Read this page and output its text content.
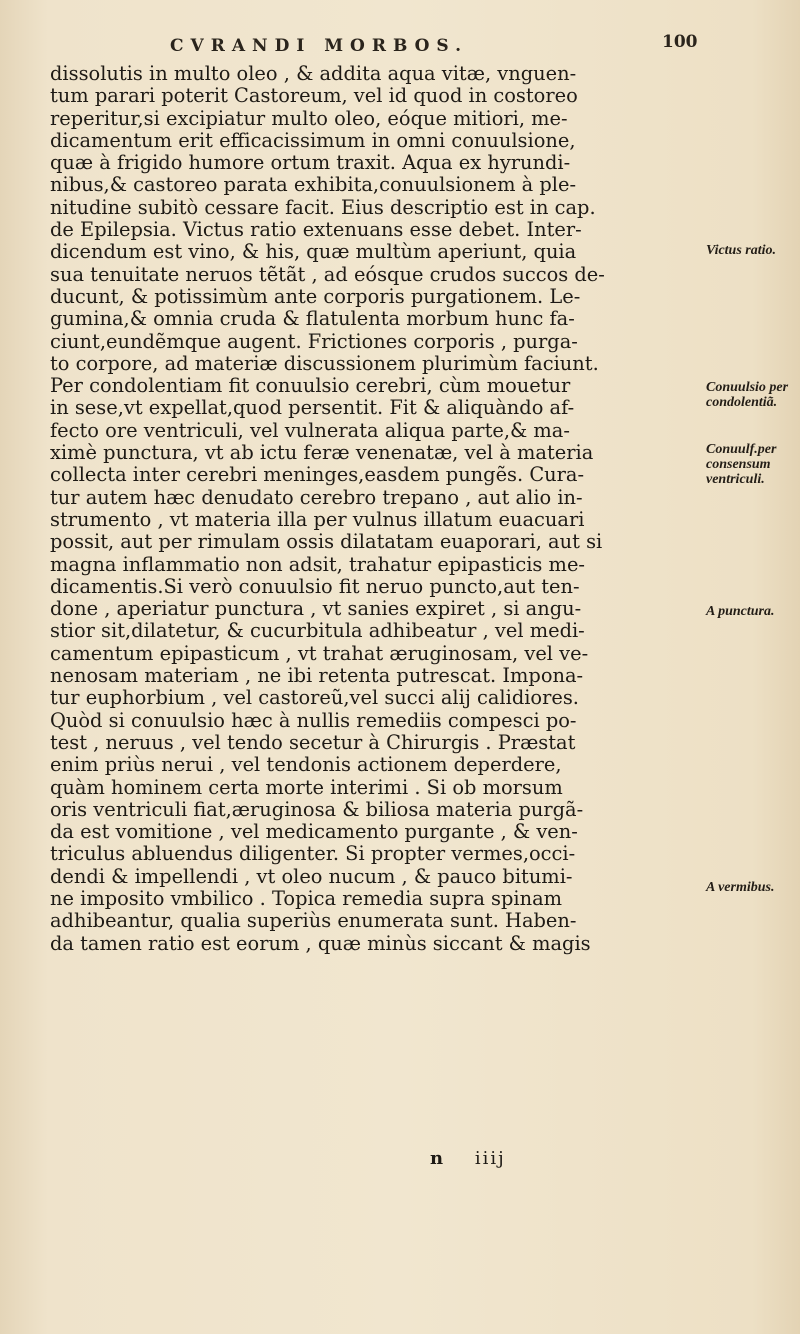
CVRANDI MORBOS.	100
dissolutis in multo oleo , & addita aqua vitæ, vnguen-
tum parari poterit Castoreum, vel id quod in costoreo
reperitur,si excipiatur multo oleo, eóque mitiori, me-
dicamentum erit efficacissimum in omni conuulsione,
quæ à frigido humore ortum traxit. Aqua ex hyrundi-
nibus,& castoreo parata exhibita,conuulsionem à ple-
nitudine subitò cessare facit. Eius descriptio est in cap.
de Epilepsia. Victus ratio extenuans esse debet. Inter-
dicendum est vino, & his, quæ multùm aperiunt, quia
sua tenuitate neruos tẽtãt , ad eósque crudos succos de-
ducunt, & potissimùm ante corporis purgationem. Le-
gumina,& omnia cruda & flatulenta morbum hunc fa-
ciunt,eundẽmque augent. Frictiones corporis , purga-
to corpore, ad materiæ discussionem plurimùm faciunt.
Per condolentiam fit conuulsio cerebri, cùm mouetur
in sese,vt expellat,quod persentit. Fit & aliquàndo af-
fecto ore ventriculi, vel vulnerata aliqua parte,& ma-
ximè punctura, vt ab ictu feræ venenatæ, vel à materia
collecta inter cerebri meninges,easdem pungẽs. Cura-
tur autem hæc denudato cerebro trepano , aut alio in-
strumento , vt materia illa per vulnus illatum euacuari
possit, aut per rimulam ossis dilatatam euaporari, aut si
magna inflammatio non adsit, trahatur epipasticis me-
dicamentis.Si verò conuulsio fit neruo puncto,aut ten-
done , aperiatur punctura , vt sanies expiret , si angu-
stior sit,dilatetur, & cucurbitula adhibeatur , vel medi-
camentum epipasticum , vt trahat æruginosam, vel ve-
nenosam materiam , ne ibi retenta putrescat. Impona-
tur euphorbium , vel castoreũ,vel succi alij calidiores.
Quòd si conuulsio hæc à nullis remediis compesci po-
test , neruus , vel tendo secetur à Chirurgis . Præstat
enim priùs nerui , vel tendonis actionem deperdere,
quàm hominem certa morte interimi . Si ob morsum
oris ventriculi fiat,æruginosa & biliosa materia purgã-
da est vomitione , vel medicamento purgante , & ven-
triculus abluendus diligenter. Si propter vermes,occi-
dendi & impellendi , vt oleo nucum , & pauco bitumi-
ne imposito vmbilico . Topica remedia supra spinam
adhibeantur, qualia superiùs enumerata sunt. Haben-
da tamen ratio est eorum , quæ minùs siccant & magis
Victus ratio.
Conuulsio per condolentiã.
Conuulf.per consensum ventriculi.
A punctura.
A vermibus.
n iiij
